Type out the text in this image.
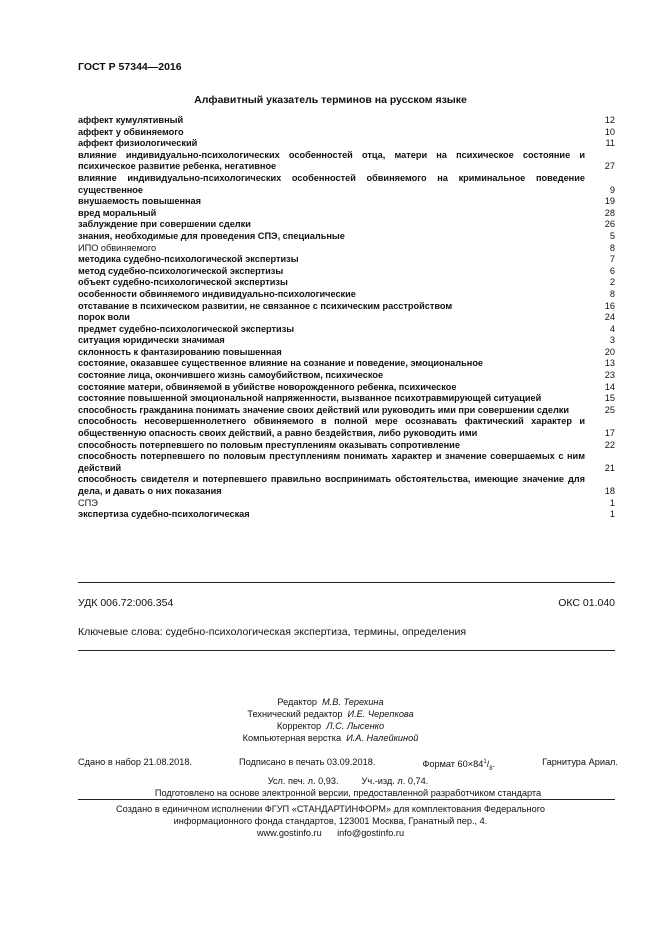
ГОСТ Р 57344—2016
Алфавитный указатель терминов на русском языке
аффект кумулятивный	12
аффект у обвиняемого	10
аффект физиологический	11
влияние индивидуально-психологических особенностей отца, матери на психическое состояние и психическое развитие ребенка, негативное	27
влияние индивидуально-психологических особенностей обвиняемого на криминальное поведение существенное	9
внушаемость повышенная	19
вред моральный	28
заблуждение при совершении сделки	26
знания, необходимые для проведения СПЭ, специальные	5
ИПО обвиняемого	8
методика судебно-психологической экспертизы	7
метод судебно-психологической экспертизы	6
объект судебно-психологической экспертизы	2
особенности обвиняемого индивидуально-психологические	8
отставание в психическом развитии, не связанное с психическим расстройством	16
порок воли	24
предмет судебно-психологической экспертизы	4
ситуация юридически значимая	3
склонность к фантазированию повышенная	20
состояние, оказавшее существенное влияние на сознание и поведение, эмоциональное	13
состояние лица, окончившего жизнь самоубийством, психическое	23
состояние матери, обвиняемой в убийстве новорожденного ребенка, психическое	14
состояние повышенной эмоциональной напряженности, вызванное психотравмирующей ситуацией	15
способность гражданина понимать значение своих действий или руководить ими при совершении сделки	25
способность несовершеннолетнего обвиняемого в полной мере осознавать фактический характер и общественную опасность своих действий, а равно бездействия, либо руководить ими	17
способность потерпевшего по половым преступлениям оказывать сопротивление	22
способность потерпевшего по половым преступлениям понимать характер и значение совершаемых с ним действий	21
способность свидетеля и потерпевшего правильно воспринимать обстоятельства, имеющие значение для дела, и давать о них показания	18
СПЭ	1
экспертиза судебно-психологическая	1
УДК 006.72:006.354	ОКС 01.040
Ключевые слова: судебно-психологическая экспертиза, термины, определения
Редактор М.В. Терехина
Технический редактор И.Е. Черепкова
Корректор Л.С. Лысенко
Компьютерная верстка И.А. Налейкиной
Сдано в набор 21.08.2018.	Подписано в печать 03.09.2018.	Формат $60\times 84^1/_8$.	Гарнитура Ариал.
Усл. печ. л. 0,93. Уч.-изд. л. 0,74.
Подготовлено на основе электронной версии, предоставленной разработчиком стандарта
Создано в единичном исполнении ФГУП «СТАНДАРТИНФОРМ» для комплектования Федерального
информационного фонда стандартов, 123001 Москва, Гранатный пер., 4.
www.gostinfo.ru info@gostinfo.ru
